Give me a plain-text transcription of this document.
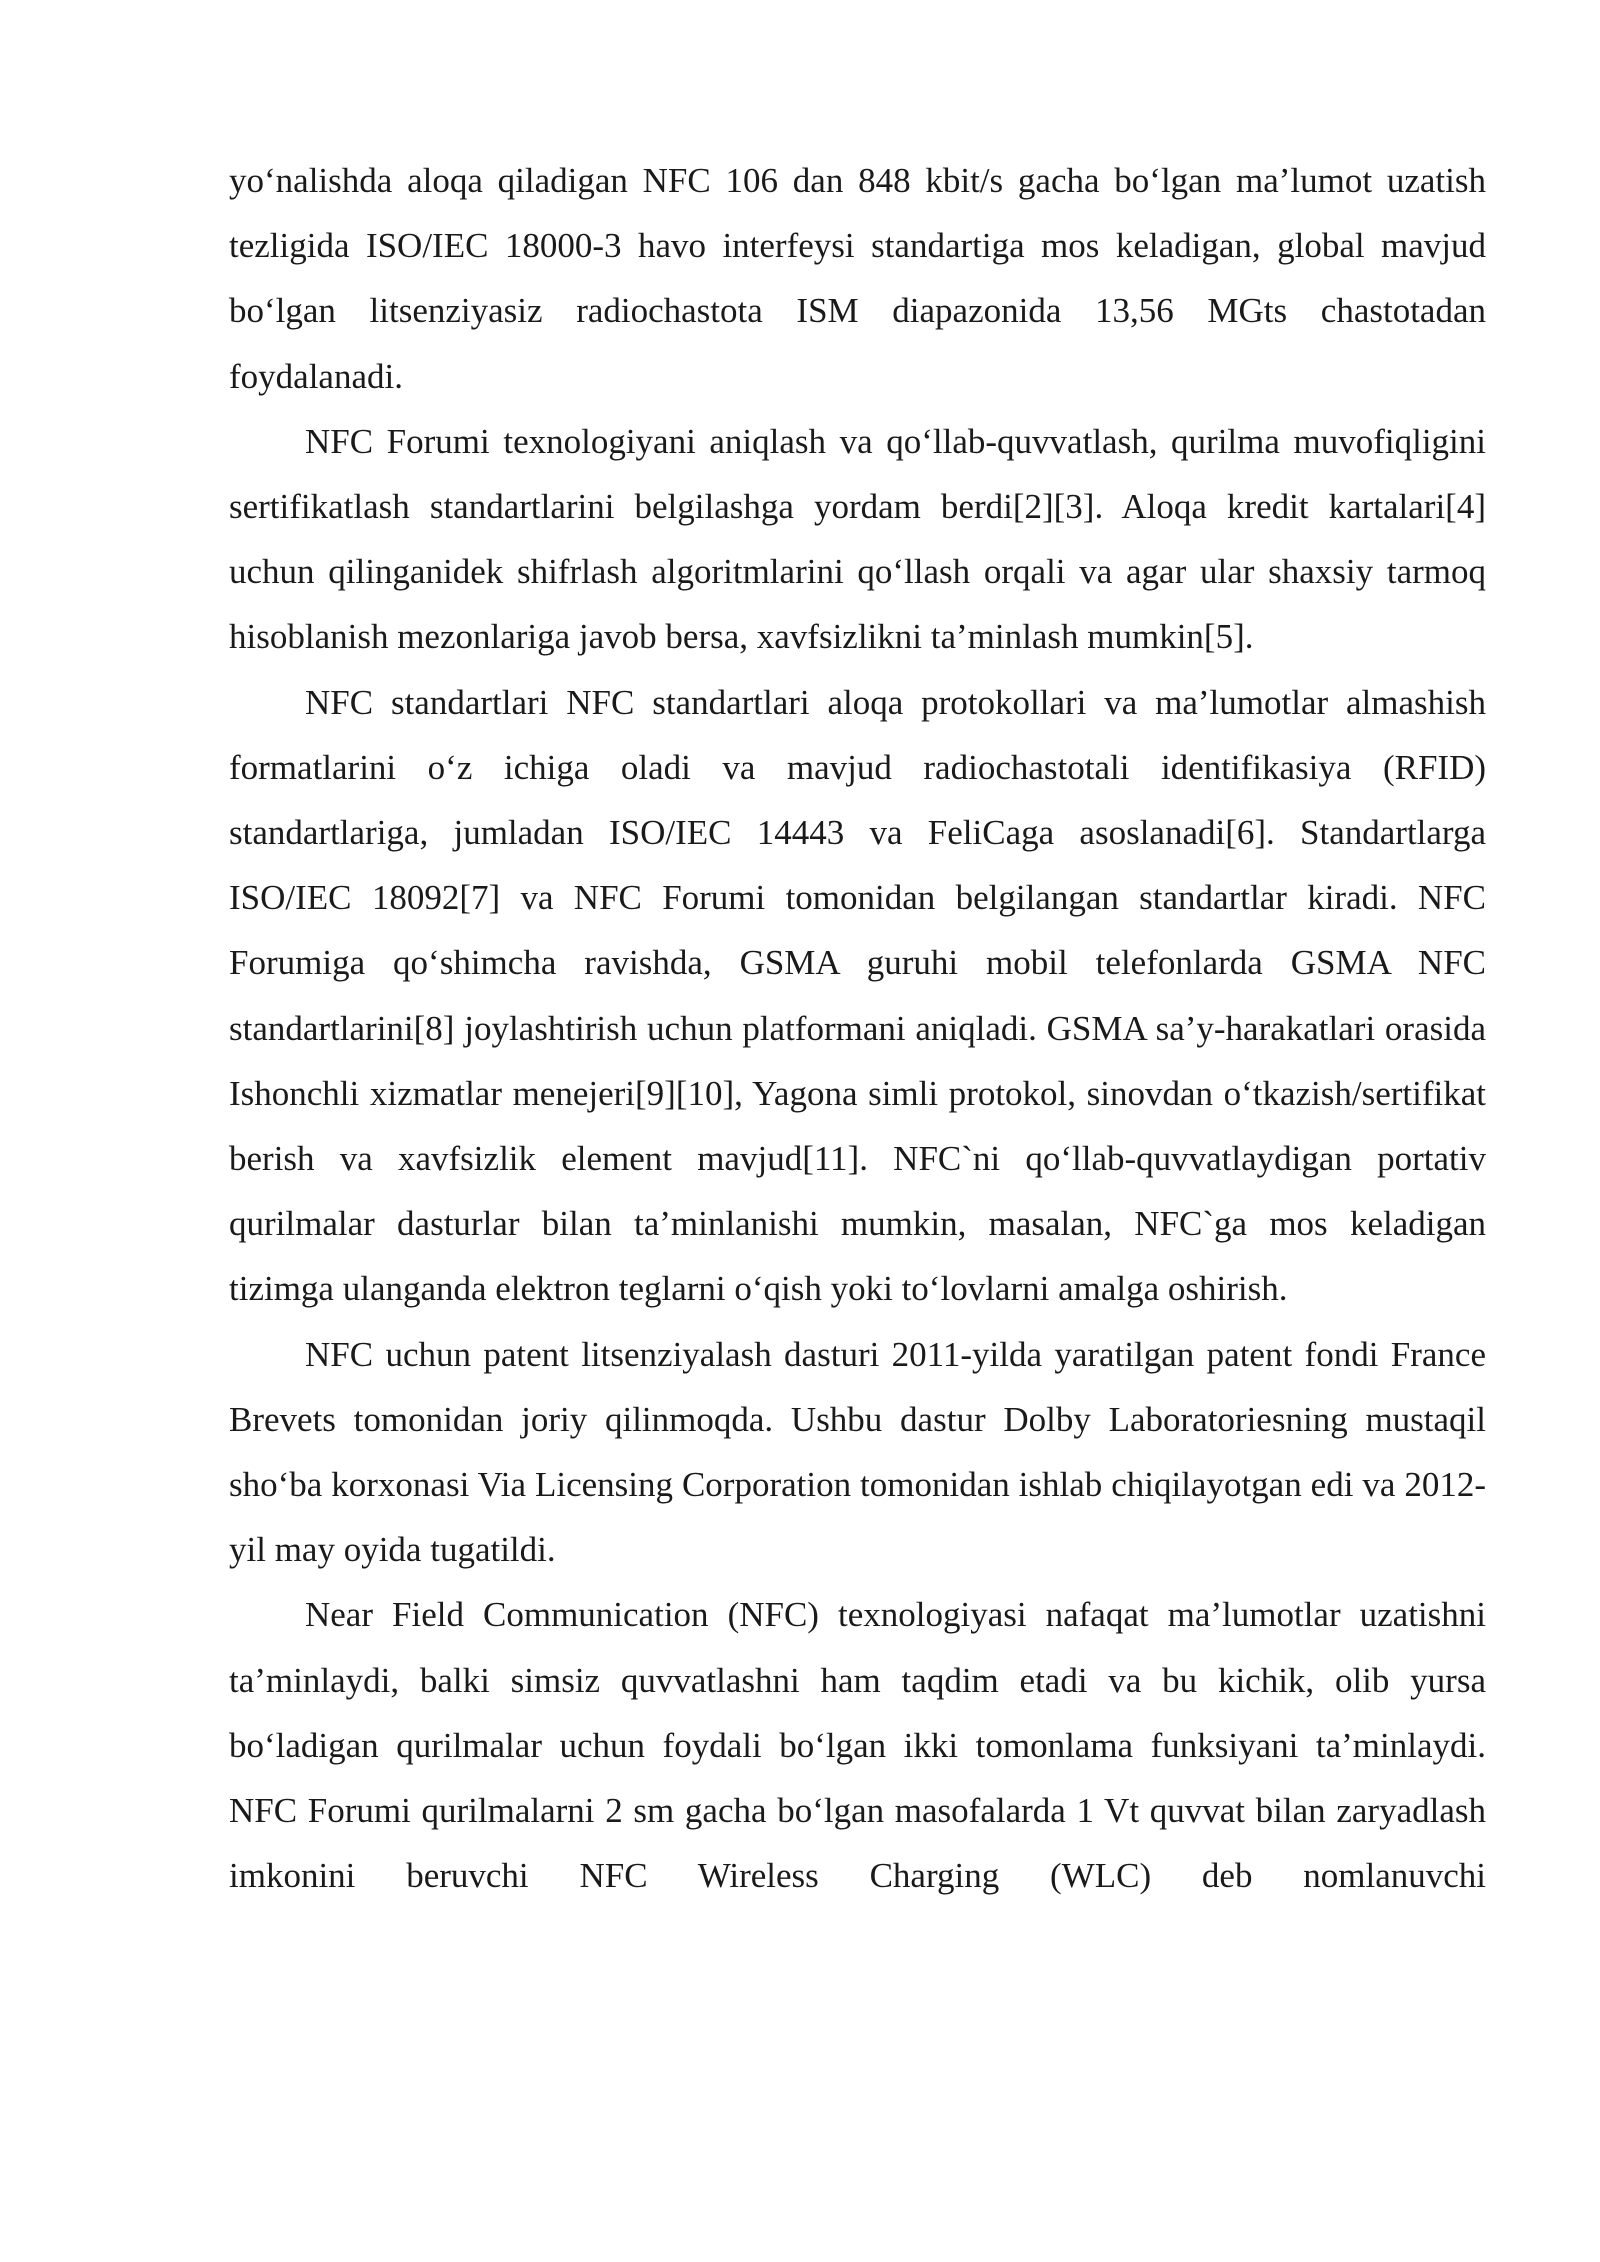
yo‘nalishda aloqa qiladigan NFC 106 dan 848 kbit/s gacha bo‘lgan ma’lumot uzatish tezligida ISO/IEC 18000-3 havo interfeysi standartiga mos keladigan, global mavjud bo‘lgan litsenziyasiz radiochastota ISM diapazonida 13,56 MGts chastotadan foydalanadi.

NFC Forumi texnologiyani aniqlash va qo‘llab-quvvatlash, qurilma muvofiqligini sertifikatlash standartlarini belgilashga yordam berdi[2][3]. Aloqa kredit kartalari[4] uchun qilinganidek shifrlash algoritmlarini qo‘llash orqali va agar ular shaxsiy tarmoq hisoblanish mezonlariga javob bersa, xavfsizlikni ta’minlash mumkin[5].

NFC standartlari NFC standartlari aloqa protokollari va ma’lumotlar almashish formatlarini o‘z ichiga oladi va mavjud radiochastotali identifikasiya (RFID) standartlariga, jumladan ISO/IEC 14443 va FeliCaga asoslanadi[6]. Standartlarga ISO/IEC 18092[7] va NFC Forumi tomonidan belgilangan standartlar kiradi. NFC Forumiga qo‘shimcha ravishda, GSMA guruhi mobil telefonlarda GSMA NFC standartlarini[8] joylashtirish uchun platformani aniqladi. GSMA sa’y-harakatlari orasida Ishonchli xizmatlar menejeri[9][10], Yagona simli protokol, sinovdan o‘tkazish/sertifikat berish va xavfsizlik element mavjud[11]. NFC`ni qo‘llab-quvvatlaydigan portativ qurilmalar dasturlar bilan ta’minlanishi mumkin, masalan, NFC`ga mos keladigan tizimga ulanganda elektron teglarni o‘qish yoki to‘lovlarni amalga oshirish.

NFC uchun patent litsenziyalash dasturi 2011-yilda yaratilgan patent fondi France Brevets tomonidan joriy qilinmoqda. Ushbu dastur Dolby Laboratoriesning mustaqil sho‘ba korxonasi Via Licensing Corporation tomonidan ishlab chiqilayotgan edi va 2012-yil may oyida tugatildi.

Near Field Communication (NFC) texnologiyasi nafaqat ma’lumotlar uzatishni ta’minlaydi, balki simsiz quvvatlashni ham taqdim etadi va bu kichik, olib yursa bo‘ladigan qurilmalar uchun foydali bo‘lgan ikki tomonlama funksiyani ta’minlaydi. NFC Forumi qurilmalarni 2 sm gacha bo‘lgan masofalarda 1 Vt quvvat bilan zaryadlash imkonini beruvchi NFC Wireless Charging (WLC) deb nomlanuvchi
